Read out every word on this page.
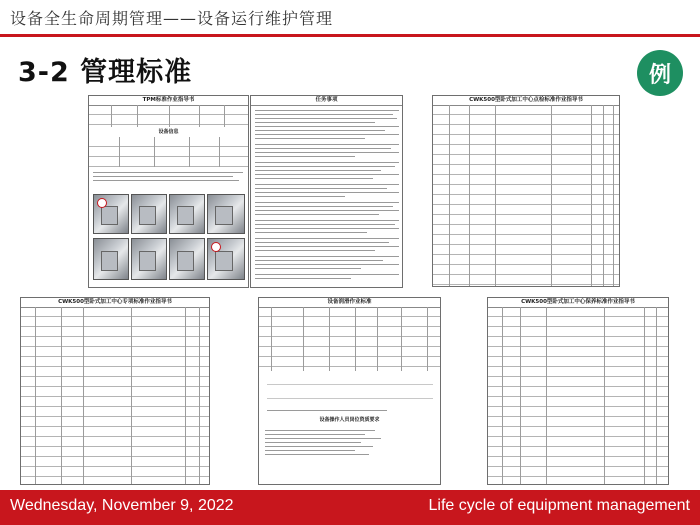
设备全生命周期管理——设备运行维护管理
3-2 管理标准	例
TPM标准作业指导书
设备信息
任务事项	CWK500型卧式加工中心点检标准作业指导书
CWK500型卧式加工中心专项标准作业指导书	设备润滑作业标准
设备操作人员岗位资质要求
CWK500型卧式加工中心保养标准作业指导书
Wednesday, November 9, 2022	Life cycle of equipment management
